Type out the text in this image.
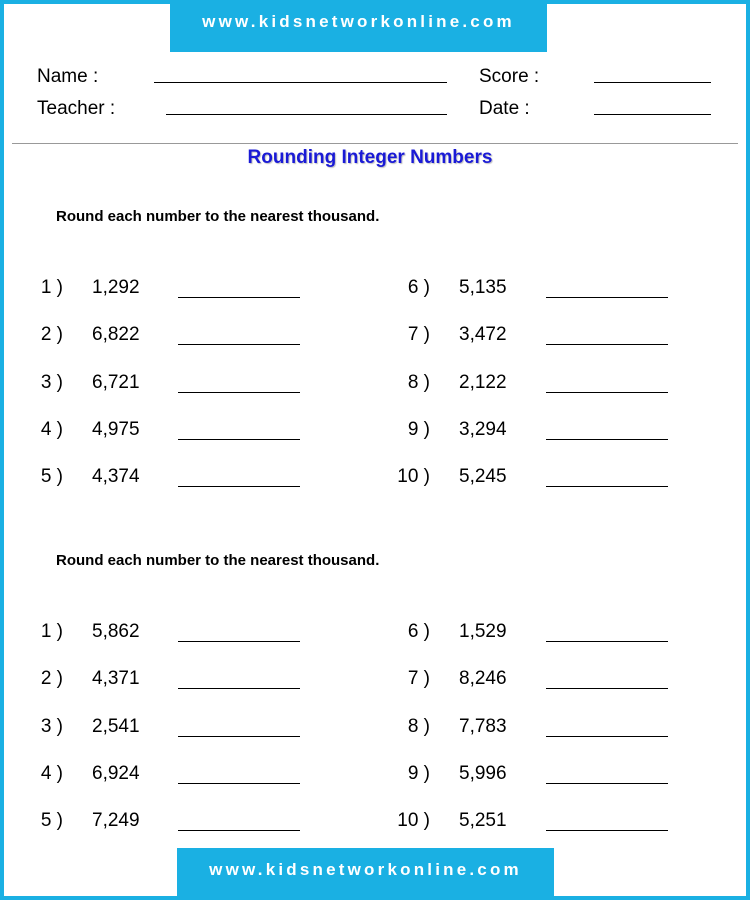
www.kidsnetworkonline.com
Name :
Teacher :
Score :
Date :
Rounding Integer Numbers
Round each number to the nearest thousand.
1 ) 1,292
2 ) 6,822
3 ) 6,721
4 ) 4,975
5 ) 4,374
6 ) 5,135
7 ) 3,472
8 ) 2,122
9 ) 3,294
10 ) 5,245
Round each number to the nearest thousand.
1 ) 5,862
2 ) 4,371
3 ) 2,541
4 ) 6,924
5 ) 7,249
6 ) 1,529
7 ) 8,246
8 ) 7,783
9 ) 5,996
10 ) 5,251
www.kidsnetworkonline.com
